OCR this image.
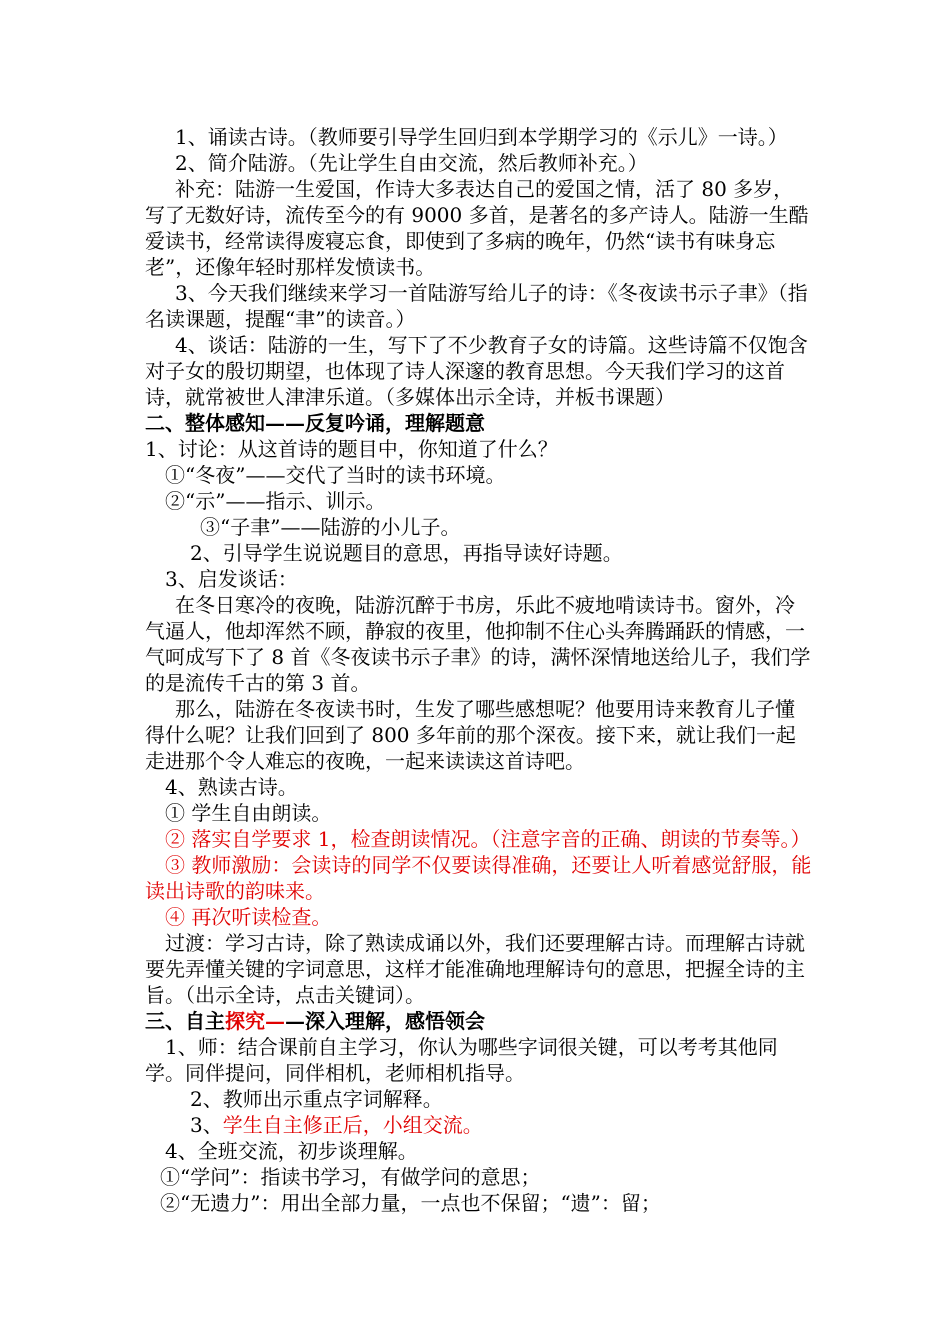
1、诵读古诗。（教师要引导学生回归到本学期学习的《示儿》一诗。）

2、简介陆游。（先让学生自由交流，然后教师补充。）

补充：陆游一生爱国，作诗大多表达自己的爱国之情，活了 80 多岁，写了无数好诗，流传至今的有 9000 多首，是著名的多产诗人。陆游一生酷爱读书，经常读得废寝忘食，即使到了多病的晚年，仍然“读书有味身忘老”，还像年轻时那样发愤读书。

3、今天我们继续来学习一首陆游写给儿子的诗：《冬夜读书示子聿》（指名读课题，提醒“聿”的读音。）

4、谈话：陆游的一生，写下了不少教育子女的诗篇。这些诗篇不仅饱含对子女的殷切期望，也体现了诗人深邃的教育思想。今天我们学习的这首诗，就常被世人津津乐道。（多媒体出示全诗，并板书课题）

二、整体感知——反复吟诵，理解题意

1、讨论：从这首诗的题目中，你知道了什么？

①“冬夜”——交代了当时的读书环境。

②“示”——指示、训示。

③“子聿”——陆游的小儿子。

2、引导学生说说题目的意思，再指导读好诗题。

3、启发谈话：

在冬日寒冷的夜晚，陆游沉醉于书房，乐此不疲地啃读诗书。窗外，冷气逼人，他却浑然不顾，静寂的夜里，他抑制不住心头奔腾踊跃的情感，一气呵成写下了 8 首《冬夜读书示子聿》的诗，满怀深情地送给儿子，我们学的是流传千古的第 3 首。

那么，陆游在冬夜读书时，生发了哪些感想呢？他要用诗来教育儿子懂得什么呢？让我们回到了 800 多年前的那个深夜。接下来，就让我们一起走进那个令人难忘的夜晚，一起来读读这首诗吧。

4、熟读古诗。

① 学生自由朗读。

② 落实自学要求 1，检查朗读情况。（注意字音的正确、朗读的节奏等。）

③ 教师激励：会读诗的同学不仅要读得准确，还要让人听着感觉舒服，能读出诗歌的韵味来。

④ 再次听读检查。

过渡：学习古诗，除了熟读成诵以外，我们还要理解古诗。而理解古诗就要先弄懂关键的字词意思，这样才能准确地理解诗句的意思，把握全诗的主旨。（出示全诗，点击关键词）。

三、自主探究——深入理解，感悟领会

1、师：结合课前自主学习，你认为哪些字词很关键，可以考考其他同学。同伴提问，同伴相机，老师相机指导。

2、教师出示重点字词解释。

3、学生自主修正后，小组交流。

4、全班交流，初步谈理解。

①“学问”：指读书学习，有做学问的意思；

②“无遗力”：用出全部力量，一点也不保留；“遗”：留；
